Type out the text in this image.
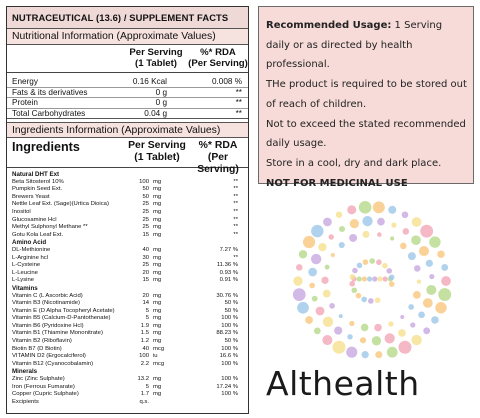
NUTRACEUTICAL (13.6) / SUPPLEMENT FACTS
Nutritional Information (Approximate Values)
Per Serving
(1 Tablet)
%* RDA
(Per Serving)
Energy	0.16 Kcal	0.008 %
Fats & its derivatives	0 g	**
Protein	0 g	**
Total Carbohydrates	0.04 g	**
Ingredients Information (Approximate Values)
Ingredients	Per Serving
(1 Tablet)
%* RDA
(Per Serving)
Natural DHT Ext
Beta Sitosterol 10%	100 mg	**
Pumpkin Seed Ext.	50 mg	**
Brewers Yeast	50 mg	**
Nettle Leaf Ext. (Sage)(Urtica Dioica)	25 mg	**
Inositol	25 mg	**
Glucosamine Hcl	25 mg	**
Methyl Sulphonyl Methane **	25 mg	**
Gotu Kola Leaf Ext.	15 mg	**
Amino Acid
DL-Methionine	40 mg	7.27 %
L-Arginine hcl	30 mg	**
L-Cysteine	25 mg	11.36 %
L-Leucine	20 mg	0.93 %
L-Lysine	15 mg	0.91 %
Vitamins
Vitamin C (L Ascorbic Acid)	20 mg	30.76 %
Vitamin B3 (Nicotinamide)	14 mg	50 %
Vitamin E (D Alpha Tocopheryl Acetate)	5 mg	50 %
Vitamin B5 (Calcium-D-Pantothenate)	5 mg	100 %
Vitamin B6 (Pyridoxine Hcl)	1.9 mg	100 %
Vitamin B1 (Thiamine Mononitrate)	1.5 mg	88.23 %
Vitamin B2 (Riboflavin)	1.2 mg	50 %
Biotin B7 (D Biotin)	40 mcg	100 %
VITAMIN D2 (Ergocalciferol)	100 iu	16.6 %
Vitamin B12 (Cyanocobalamin)	2.2 mcg	100 %
Minerals
Zinc (Zinc Sulphate)	13.2 mg	100 %
Iron (Ferrous Fumarate)	5 mg	17.24 %
Copper (Cupric Sulphate)	1.7 mg	100 %
Excipients	q.s.

Recommended Usage: 1 Serving daily or as directed by health professional.

THe product is required to be stored out of reach of children.

Not to exceed the stated recommended daily usage.

Store in a cool, dry and dark place.

NOT FOR MEDICINAL USE

Althealth
